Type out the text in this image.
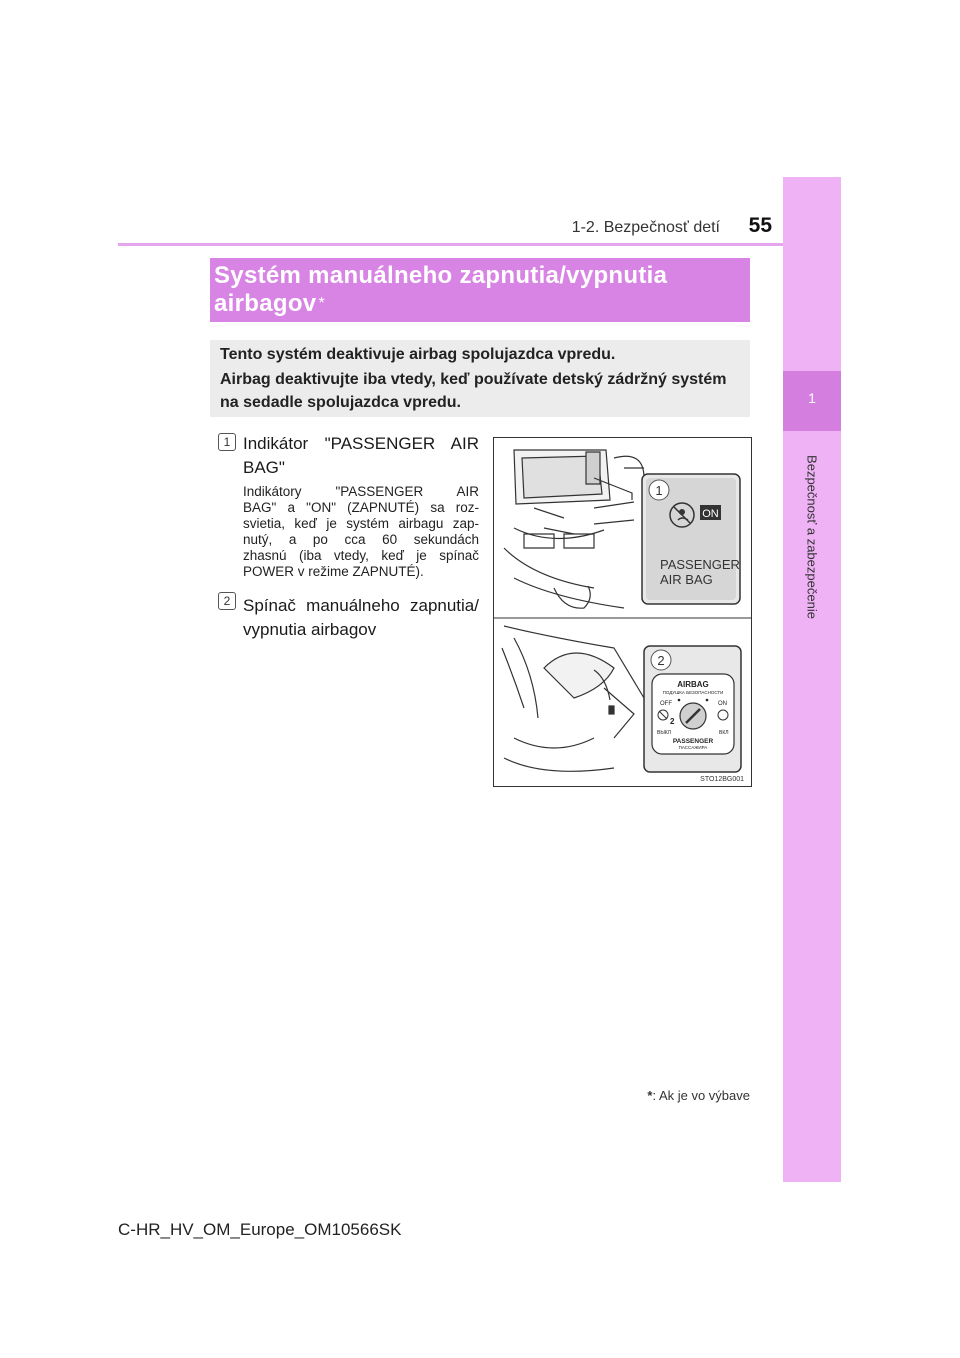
1-2. Bezpečnosť detí	55
1
Bezpečnosť a zabezpečenie
Systém manuálneho zapnutia/vypnutia
airbagov *
Tento systém deaktivuje airbag spolujazdca vpredu.
Airbag deaktivujte iba vtedy, keď používate detský zádržný systém
na sedadle spolujazdca vpredu.
1 Indikátor "PASSENGER AIR
BAG"
Indikátory "PASSENGER AIR
BAG" a "ON" (ZAPNUTÉ) sa roz-
svietia, keď je systém airbagu zap-
nutý, a po cca 60 sekundách
zhasnú (iba vtedy, keď je spínač
POWER v režime ZAPNUTÉ).
2 Spínač manuálneho zapnutia/
vypnutia airbagov
1
ON
PASSENGER
AIR BAG
2
AIRBAG
ПОДУШКА БЕЗОПАСНОСТИ
OFF	ON
2
ВЫКЛ	ВКЛ
PASSENGER
ПАССАЖИРА
STO12BG001
*: Ak je vo výbave
C-HR_HV_OM_Europe_OM10566SK
